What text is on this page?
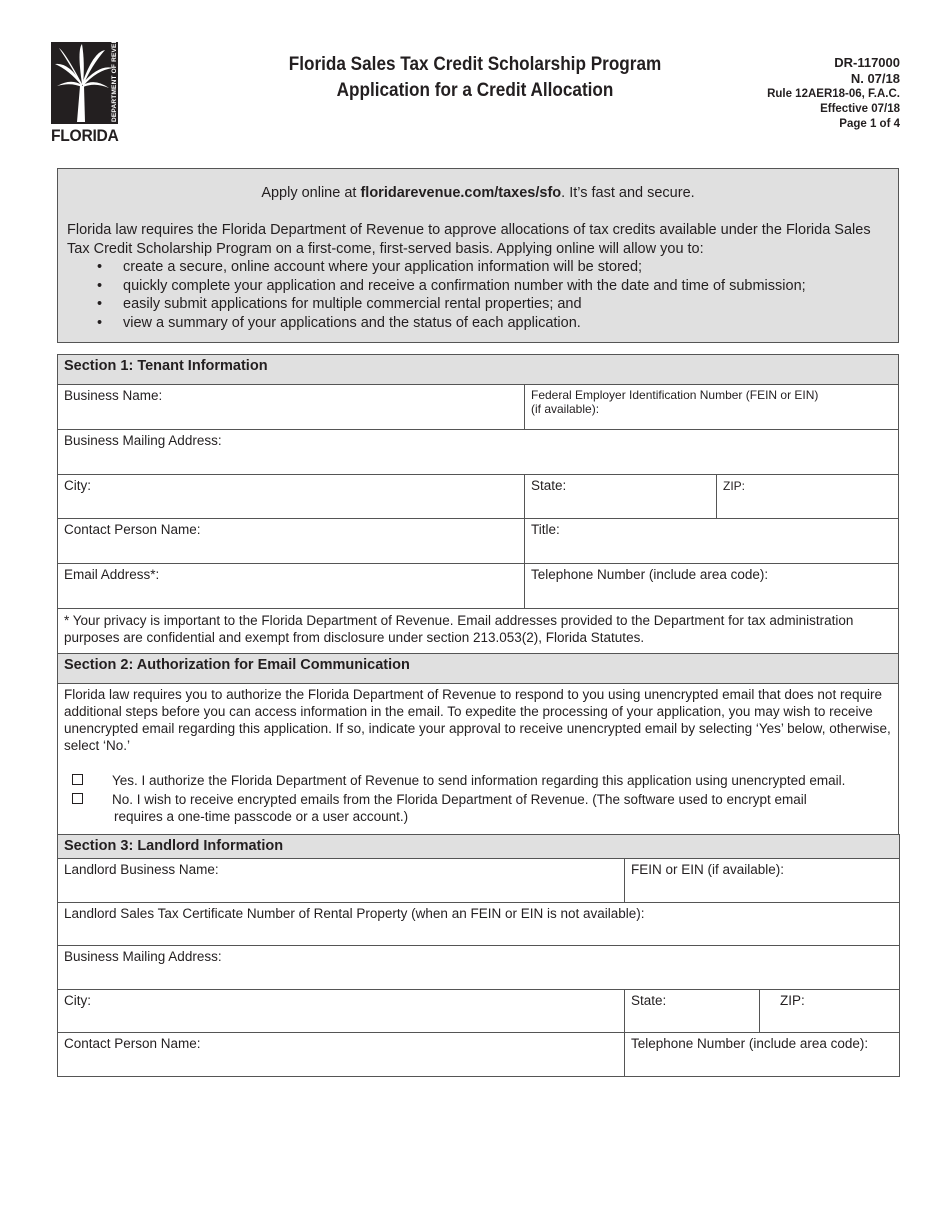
DEPARTMENT OF REVENUE
FLORIDA
Florida Sales Tax Credit Scholarship Program
Application for a Credit Allocation
DR-117000
N. 07/18
Rule 12AER18-06, F.A.C.
Effective 07/18
Page 1 of 4
Apply online at floridarevenue.com/taxes/sfo. It’s fast and secure.
Florida law requires the Florida Department of Revenue to approve allocations of tax credits available under the Florida Sales Tax Credit Scholarship Program on a first-come, first-served basis. Applying online will allow you to:
• create a secure, online account where your application information will be stored;
• quickly complete your application and receive a confirmation number with the date and time of submission;
• easily submit applications for multiple commercial rental properties; and
• view a summary of your applications and the status of each application.
Section 1: Tenant Information
Business Name:	Federal Employer Identification Number (FEIN or EIN)
(if available):
Business Mailing Address:
City:	State:	ZIP:
Contact Person Name:	Title:
Email Address*:	Telephone Number (include area code):
* Your privacy is important to the Florida Department of Revenue. Email addresses provided to the Department for tax administration purposes are confidential and exempt from disclosure under section 213.053(2), Florida Statutes.
Section 2: Authorization for Email Communication
Florida law requires you to authorize the Florida Department of Revenue to respond to you using unencrypted email that does not require additional steps before you can access information in the email. To expedite the processing of your application, you may wish to receive unencrypted email regarding this application. If so, indicate your approval to receive unencrypted email by selecting ‘Yes’ below, otherwise, select ‘No.’
Yes. I authorize the Florida Department of Revenue to send information regarding this application using unencrypted email.
No. I wish to receive encrypted emails from the Florida Department of Revenue. (The software used to encrypt email
requires a one-time passcode or a user account.)
Section 3: Landlord Information
Landlord Business Name:	FEIN or EIN (if available):
Landlord Sales Tax Certificate Number of Rental Property (when an FEIN or EIN is not available):
Business Mailing Address:
City:	State:	ZIP:
Contact Person Name:	Telephone Number (include area code):
